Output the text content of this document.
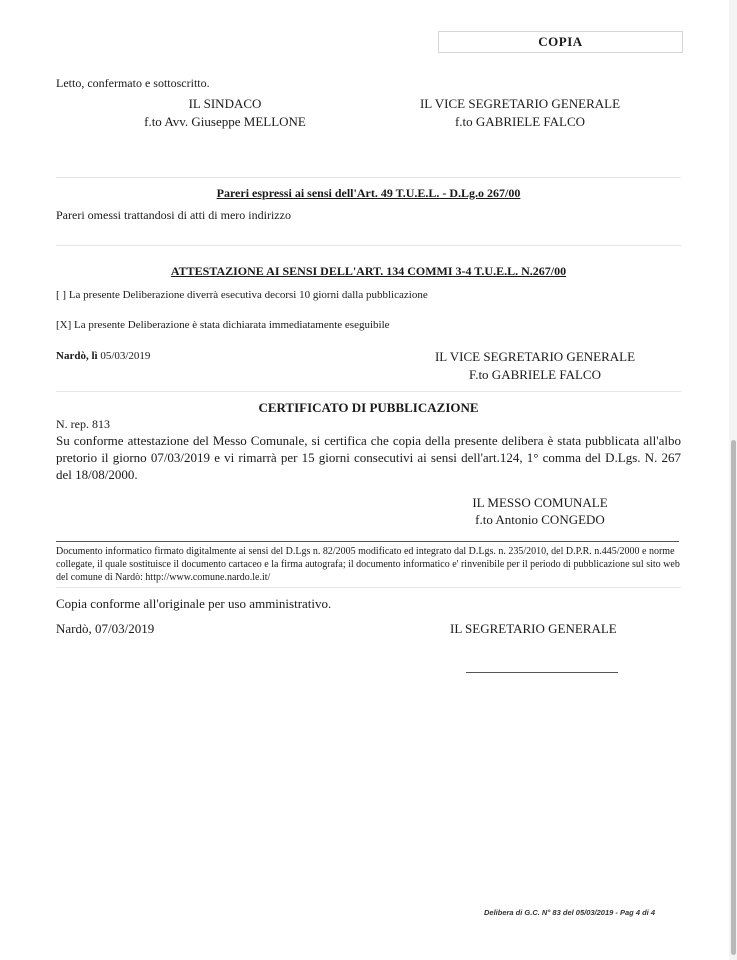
COPIA
Letto, confermato e sottoscritto.
IL SINDACO
f.to Avv. Giuseppe MELLONE
IL VICE SEGRETARIO GENERALE
f.to GABRIELE FALCO
Pareri espressi ai sensi dell'Art. 49 T.U.E.L. - D.Lg.o 267/00
Pareri omessi trattandosi di atti di mero indirizzo
ATTESTAZIONE AI SENSI DELL'ART. 134 COMMI 3-4 T.U.E.L. N.267/00
[ ] La presente Deliberazione diverrà esecutiva decorsi 10 giorni dalla pubblicazione
[X] La presente Deliberazione è stata dichiarata immediatamente eseguibile
Nardò, lì 05/03/2019	IL VICE SEGRETARIO GENERALE
F.to GABRIELE FALCO
CERTIFICATO DI PUBBLICAZIONE
N. rep. 813
Su conforme attestazione del Messo Comunale, si certifica che copia della presente delibera è stata pubblicata all'albo pretorio il giorno 07/03/2019 e vi rimarrà per 15 giorni consecutivi ai sensi dell'art.124, 1° comma del D.Lgs. N. 267 del 18/08/2000.
IL MESSO COMUNALE
f.to Antonio CONGEDO
Documento informatico firmato digitalmente ai sensi del D.Lgs n. 82/2005 modificato ed integrato dal D.Lgs. n. 235/2010, del D.P.R. n.445/2000 e norme collegate, il quale sostituisce il documento cartaceo e la firma autografa; il documento informatico e' rinvenibile per il periodo di pubblicazione sul sito web del comune di Nardò: http://www.comune.nardo.le.it/
Copia conforme all'originale per uso amministrativo.
Nardò, 07/03/2019	IL SEGRETARIO GENERALE
Delibera di G.C. N° 83 del 05/03/2019 - Pag 4 di 4
